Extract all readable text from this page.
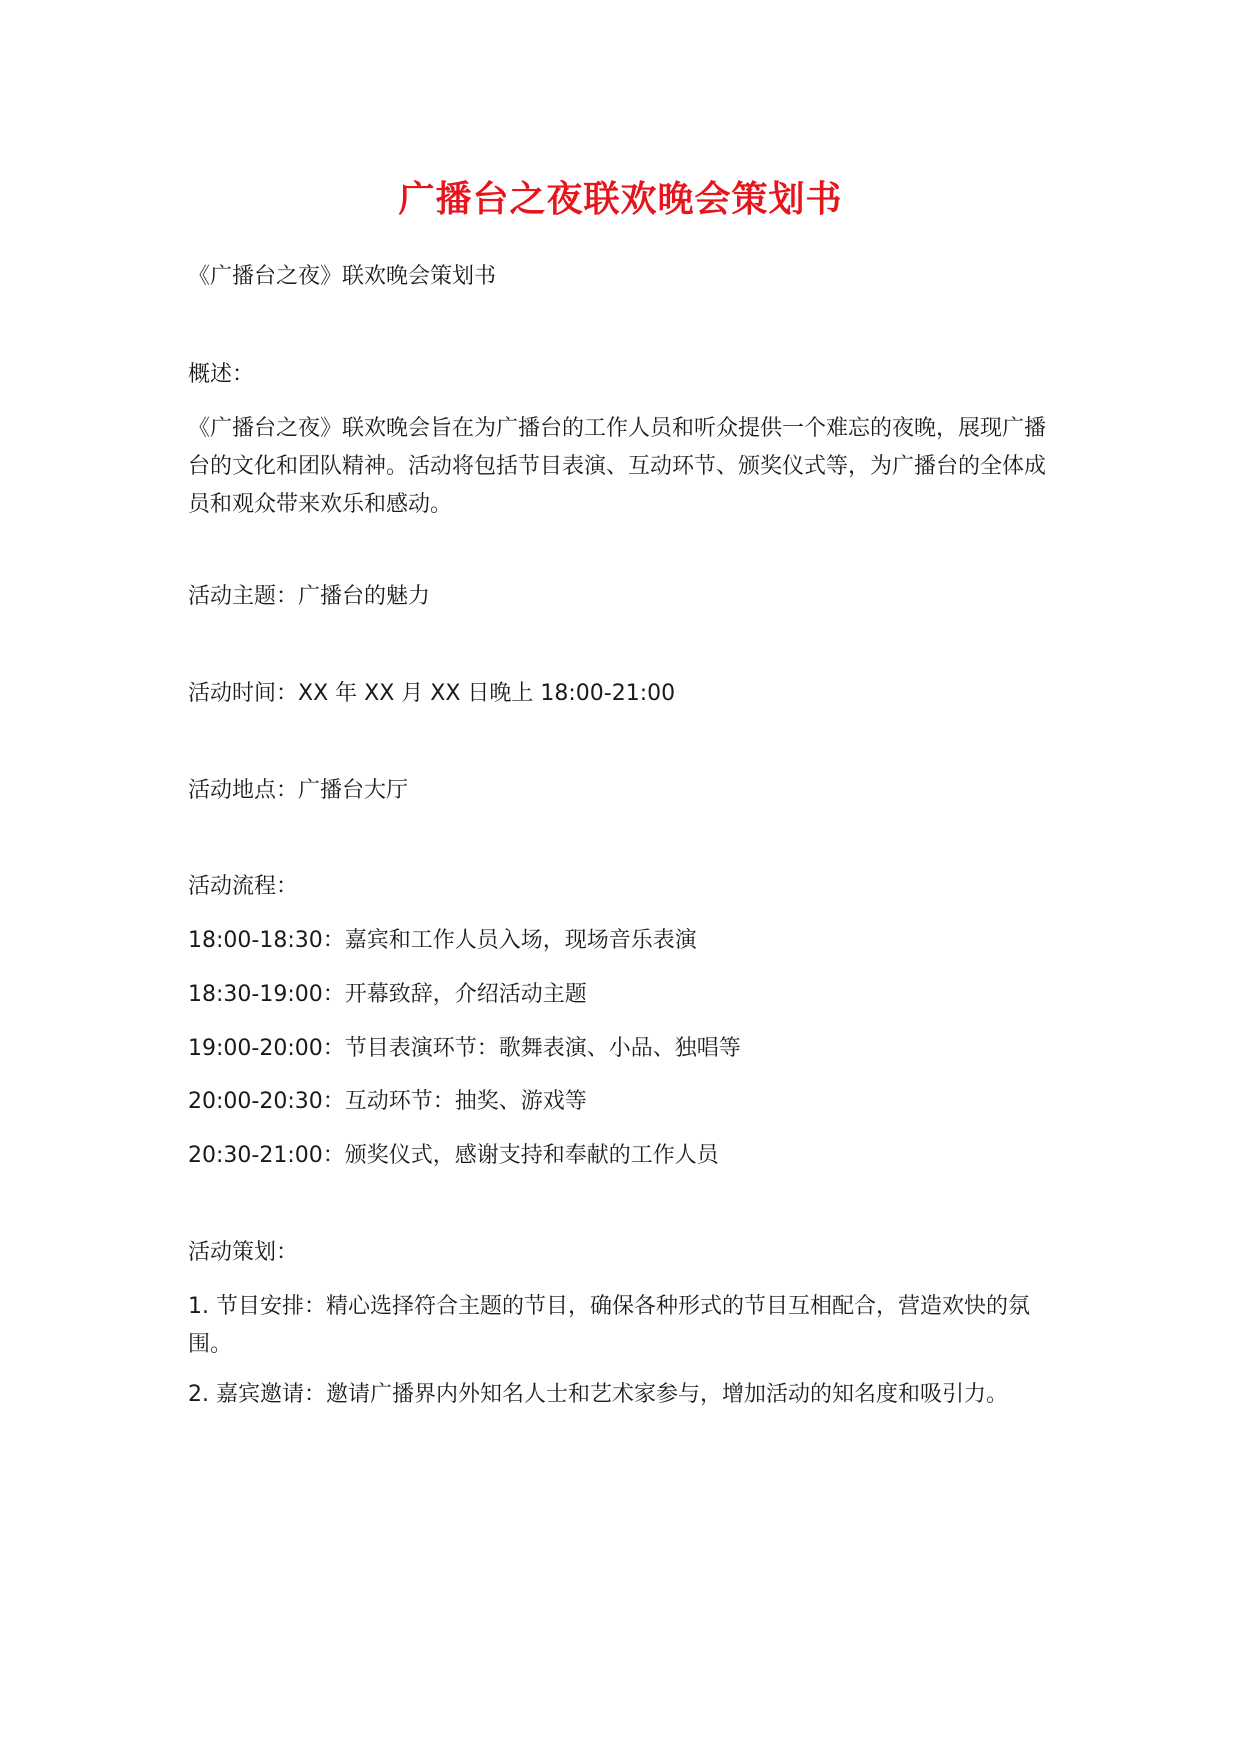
广播台之夜联欢晚会策划书

《广播台之夜》联欢晚会策划书

概述：

《广播台之夜》联欢晚会旨在为广播台的工作人员和听众提供一个难忘的夜晚，展现广播台的文化和团队精神。活动将包括节目表演、互动环节、颁奖仪式等，为广播台的全体成员和观众带来欢乐和感动。

活动主题：广播台的魅力

活动时间：XX 年 XX 月 XX 日晚上 18:00-21:00

活动地点：广播台大厅

活动流程：

18:00-18:30：嘉宾和工作人员入场，现场音乐表演

18:30-19:00：开幕致辞，介绍活动主题

19:00-20:00：节目表演环节：歌舞表演、小品、独唱等

20:00-20:30：互动环节：抽奖、游戏等

20:30-21:00：颁奖仪式，感谢支持和奉献的工作人员

活动策划：

1. 节目安排：精心选择符合主题的节目，确保各种形式的节目互相配合，营造欢快的氛围。

2. 嘉宾邀请：邀请广播界内外知名人士和艺术家参与，增加活动的知名度和吸引力。
